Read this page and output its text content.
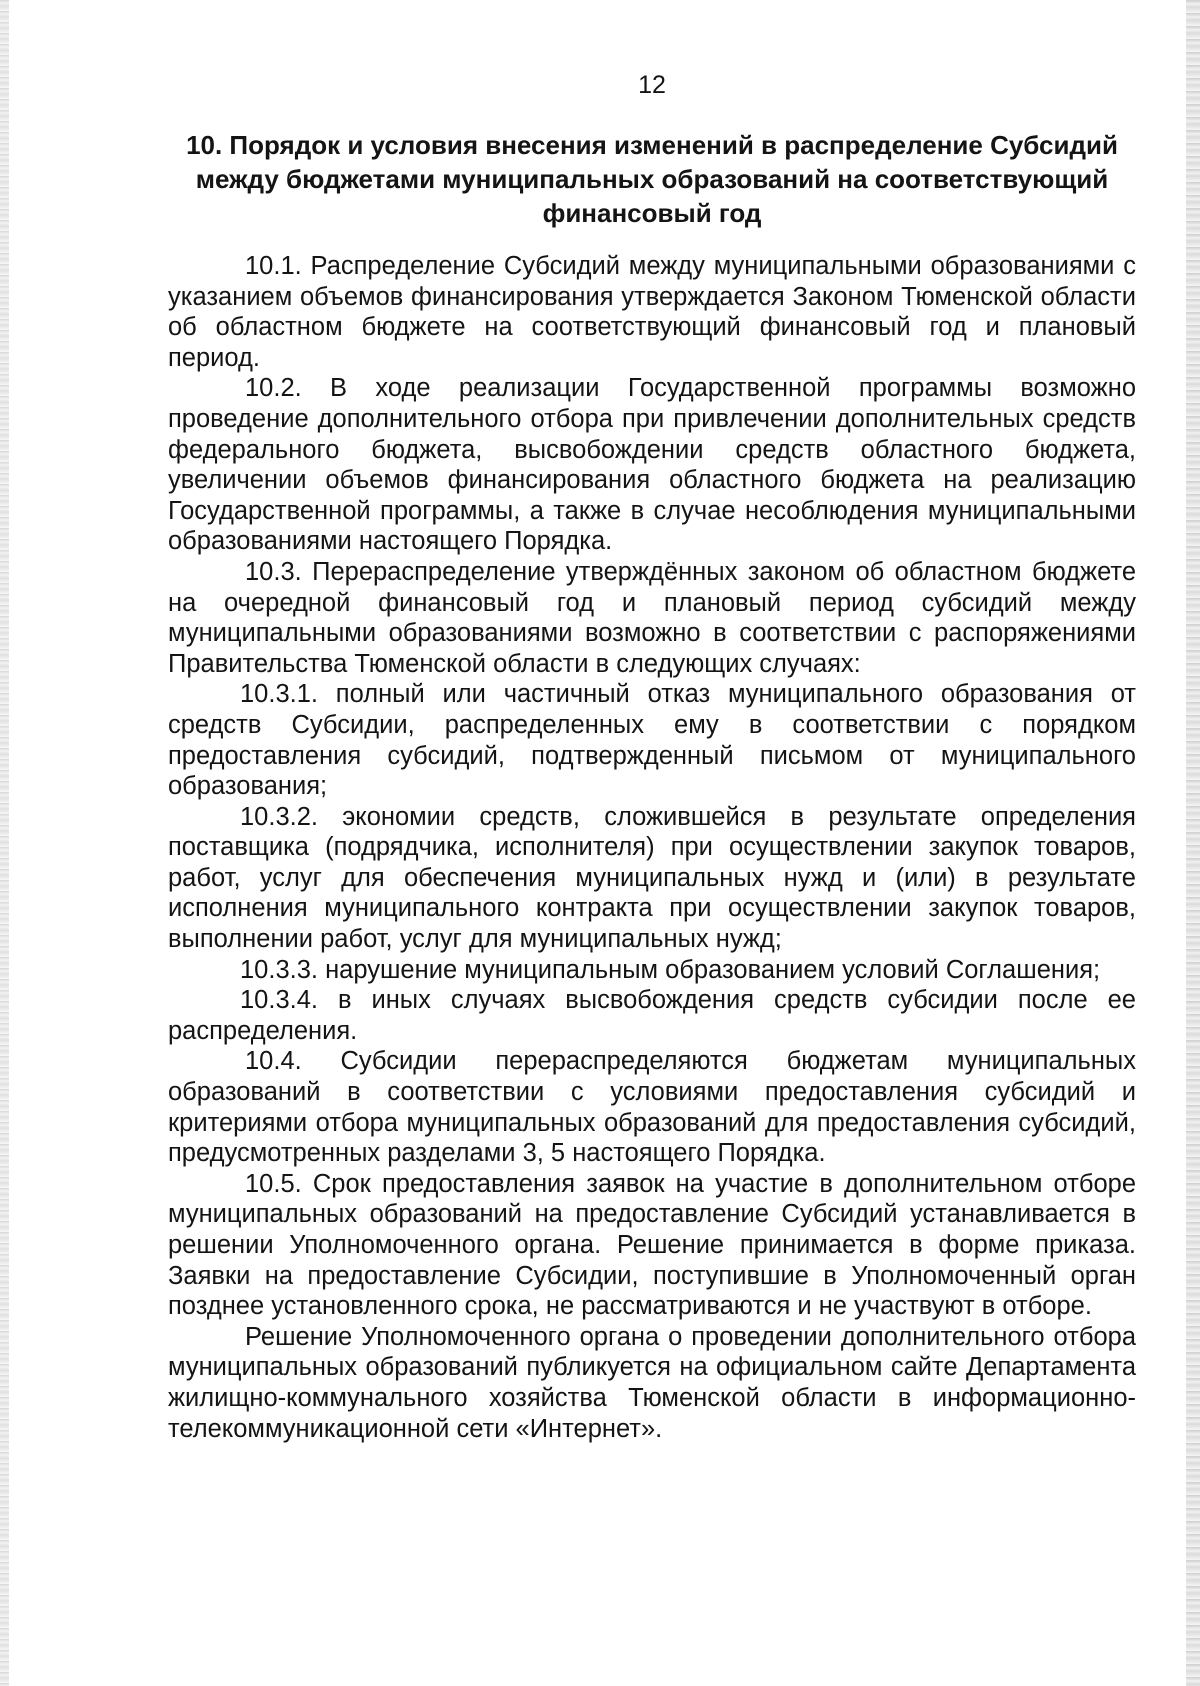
12
10. Порядок и условия внесения изменений в распределение Субсидий между бюджетами муниципальных образований на соответствующий финансовый год

10.1. Распределение Субсидий между муниципальными образованиями с указанием объемов финансирования утверждается Законом Тюменской области об областном бюджете на соответствующий финансовый год и плановый период.

10.2. В ходе реализации Государственной программы возможно проведение дополнительного отбора при привлечении дополнительных средств федерального бюджета, высвобождении средств областного бюджета, увеличении объемов финансирования областного бюджета на реализацию Государственной программы, а также в случае несоблюдения муниципальными образованиями настоящего Порядка.

10.3. Перераспределение утверждённых законом об областном бюджете на очередной финансовый год и плановый период субсидий между муниципальными образованиями возможно в соответствии с распоряжениями Правительства Тюменской области в следующих случаях:

10.3.1. полный или частичный отказ муниципального образования от средств Субсидии, распределенных ему в соответствии с порядком предоставления субсидий, подтвержденный письмом от муниципального образования;

10.3.2. экономии средств, сложившейся в результате определения поставщика (подрядчика, исполнителя) при осуществлении закупок товаров, работ, услуг для обеспечения муниципальных нужд и (или) в результате исполнения муниципального контракта при осуществлении закупок товаров, выполнении работ, услуг для муниципальных нужд;

10.3.3. нарушение муниципальным образованием условий Соглашения;

10.3.4. в иных случаях высвобождения средств субсидии после ее распределения.

10.4. Субсидии перераспределяются бюджетам муниципальных образований в соответствии с условиями предоставления субсидий и критериями отбора муниципальных образований для предоставления субсидий, предусмотренных разделами 3, 5 настоящего Порядка.

10.5. Срок предоставления заявок на участие в дополнительном отборе муниципальных образований на предоставление Субсидий устанавливается в решении Уполномоченного органа. Решение принимается в форме приказа. Заявки на предоставление Субсидии, поступившие в Уполномоченный орган позднее установленного срока, не рассматриваются и не участвуют в отборе.

Решение Уполномоченного органа о проведении дополнительного отбора муниципальных образований публикуется на официальном сайте Департамента жилищно-коммунального хозяйства Тюменской области в информационно-телекоммуникационной сети «Интернет».
